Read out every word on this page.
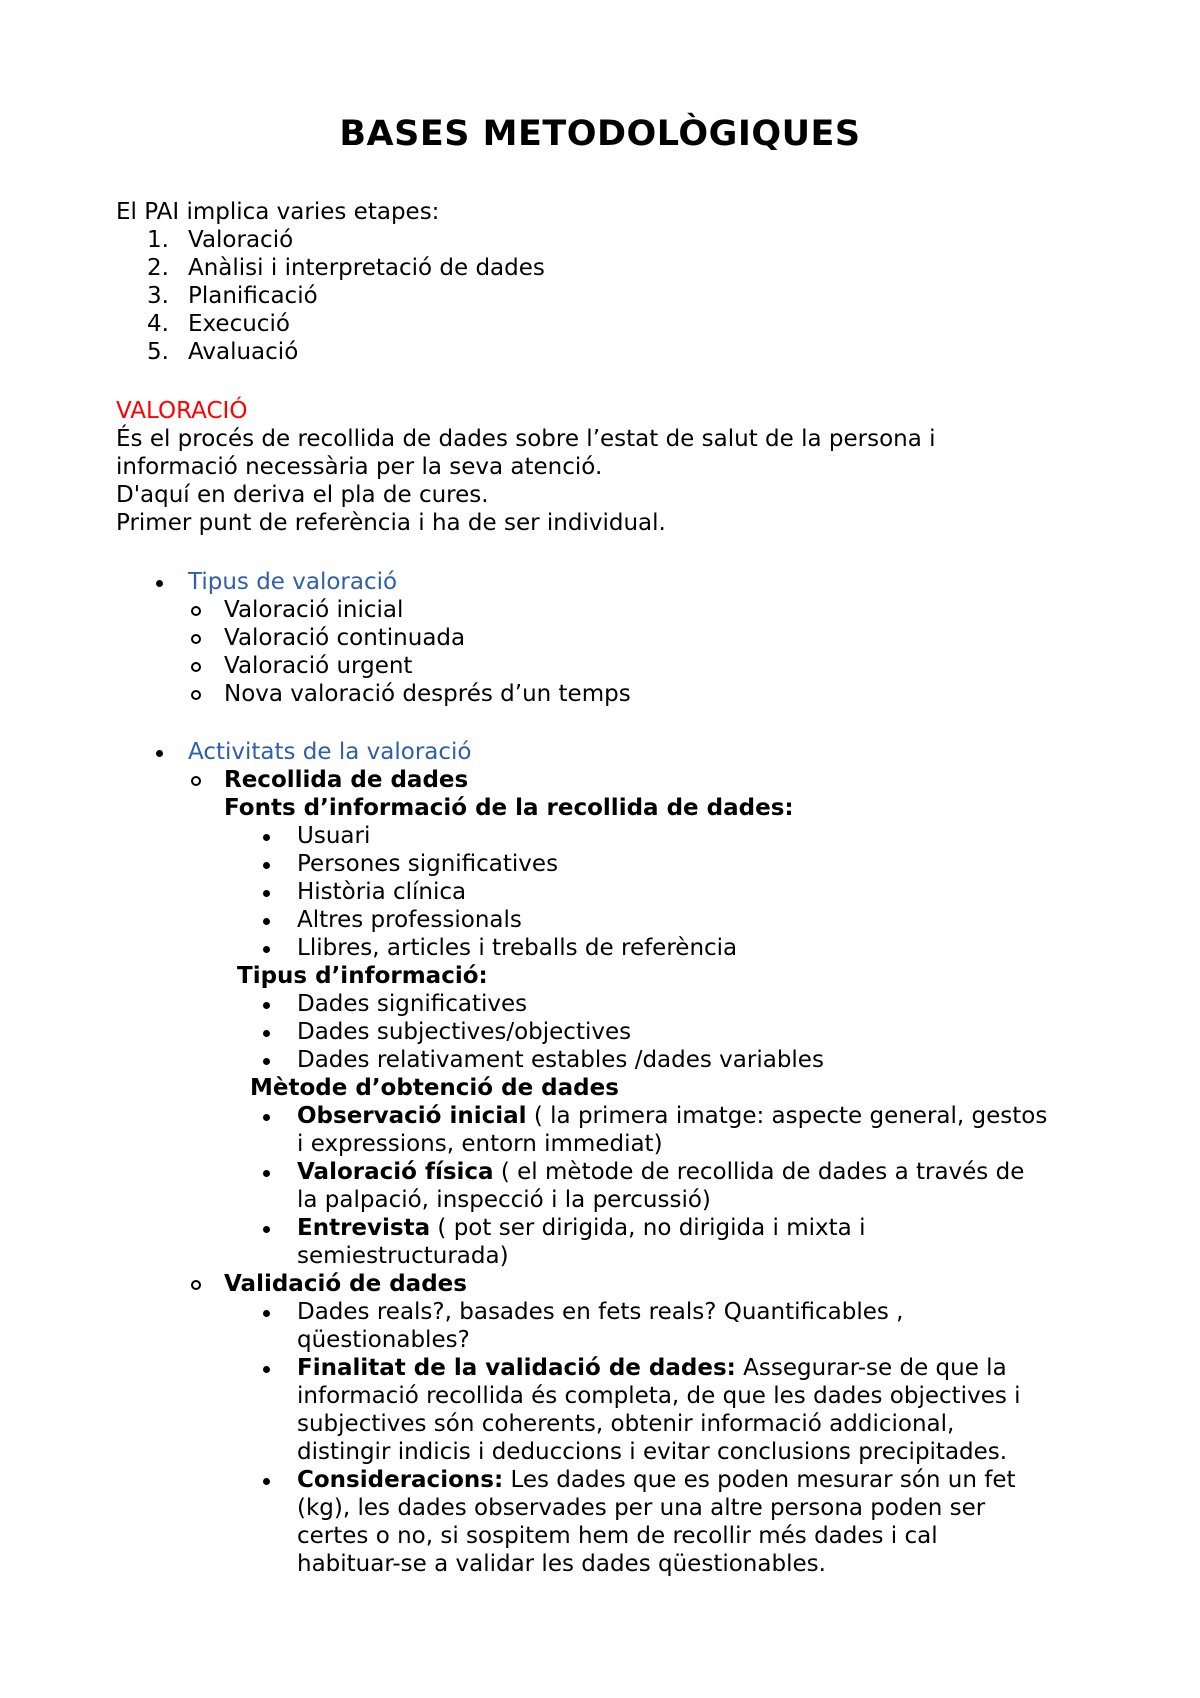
BASES METODOLÒGIQUES
El PAI implica varies etapes:
1. Valoració
2. Anàlisi i interpretació de dades
3. Planificació
4. Execució
5. Avaluació
VALORACIÓ
És el procés de recollida de dades sobre l’estat de salut de la persona i
informació necessària per la seva atenció.
D'aquí en deriva el pla de cures.
Primer punt de referència i ha de ser individual.
Tipus de valoració
Valoració inicial
Valoració continuada
Valoració urgent
Nova valoració després d’un temps
Activitats de la valoració
Recollida de dades
Fonts d’informació de la recollida de dades:
Usuari
Persones significatives
Història clínica
Altres professionals
Llibres, articles i treballs de referència
Tipus d’informació:
Dades significatives
Dades subjectives/objectives
Dades relativament estables /dades variables
Mètode d’obtenció de dades
Observació inicial ( la primera imatge: aspecte general, gestos
i expressions, entorn immediat)
Valoració física ( el mètode de recollida de dades a través de
la palpació, inspecció i la percussió)
Entrevista ( pot ser dirigida, no dirigida i mixta i
semiestructurada)
Validació de dades
Dades reals?, basades en fets reals? Quantificables ,
qüestionables?
Finalitat de la validació de dades: Assegurar-se de que la
informació recollida és completa, de que les dades objectives i
subjectives són coherents, obtenir informació addicional,
distingir indicis i deduccions i evitar conclusions precipitades.
Consideracions: Les dades que es poden mesurar són un fet
(kg), les dades observades per una altre persona poden ser
certes o no, si sospitem hem de recollir més dades i cal
habituar-se a validar les dades qüestionables.
